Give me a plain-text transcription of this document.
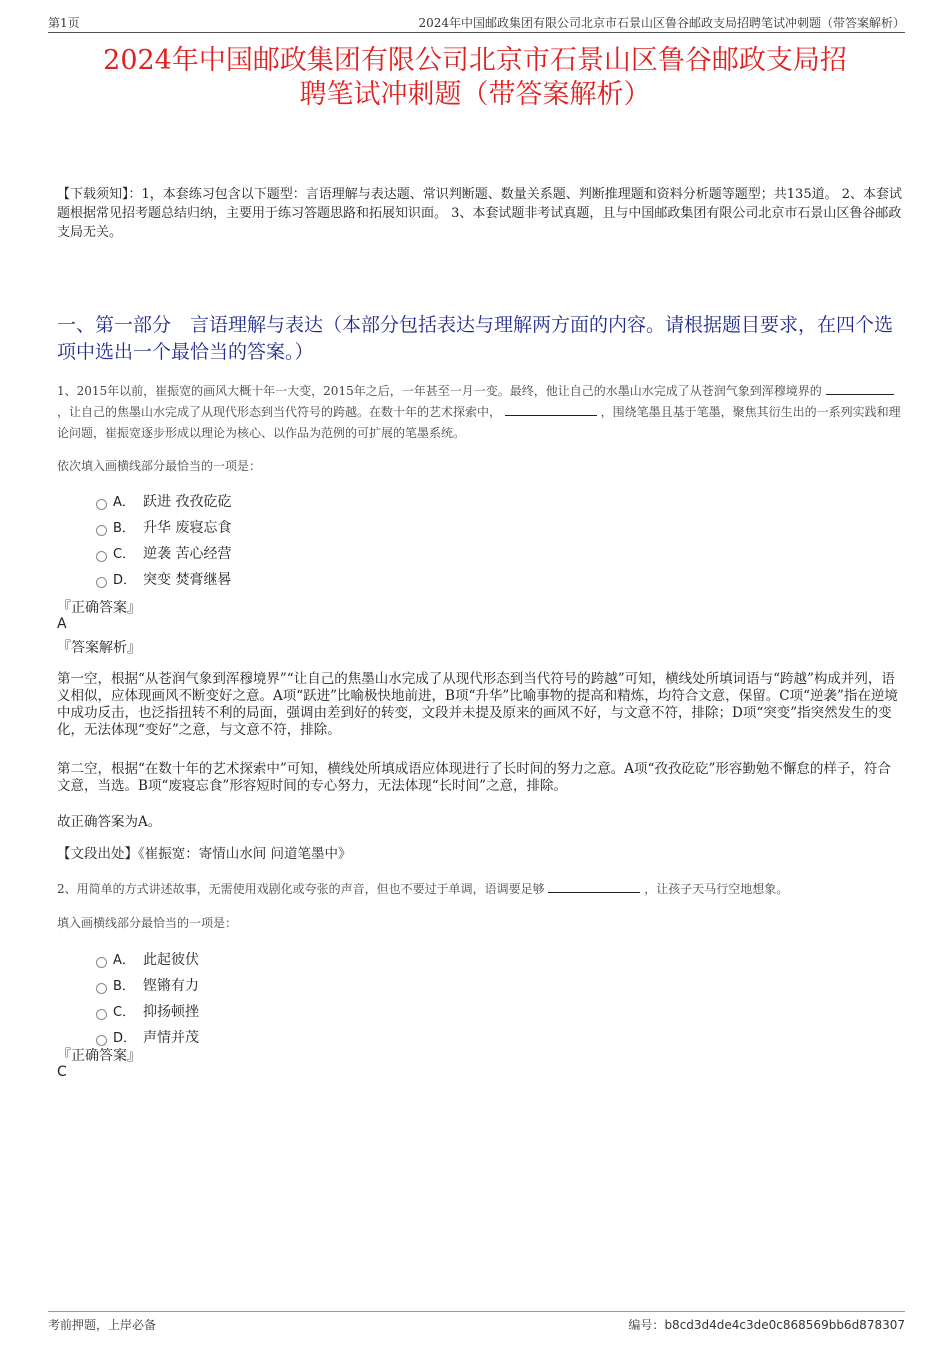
第1页	2024年中国邮政集团有限公司北京市石景山区鲁谷邮政支局招聘笔试冲刺题（带答案解析）
2024年中国邮政集团有限公司北京市石景山区鲁谷邮政支局招
聘笔试冲刺题（带答案解析）
【下载须知】：1，本套练习包含以下题型：言语理解与表达题、常识判断题、数量关系题、判断推理题和资料分析题等题型；共135道。 2、本套试题根据常见招考题总结归纳，主要用于练习答题思路和拓展知识面。 3、本套试题非考试真题，且与中国邮政集团有限公司北京市石景山区鲁谷邮政支局无关。
一、第一部分　言语理解与表达（本部分包括表达与理解两方面的内容。请根据题目要求，在四个选项中选出一个最恰当的答案。）
1、2015年以前，崔振宽的画风大概十年一大变，2015年之后，一年甚至一月一变。最终，他让自己的水墨山水完成了从苍润气象到浑穆境界的  ，让自己的焦墨山水完成了从现代形态到当代符号的跨越。在数十年的艺术探索中，	，围绕笔墨且基于笔墨，聚焦其衍生出的一系列实践和理论问题，崔振宽逐步形成以理论为核心、以作品为范例的可扩展的笔墨系统。
依次填入画横线部分最恰当的一项是：
A． 跃进 孜孜矻矻
B． 升华 废寝忘食
C． 逆袭 苦心经营
D． 突变 焚膏继晷
『正确答案』
A
『答案解析』
第一空，根据“从苍润气象到浑穆境界”“让自己的焦墨山水完成了从现代形态到当代符号的跨越”可知，横线处所填词语与“跨越”构成并列，语义相似，应体现画风不断变好之意。A项“跃进”比喻极快地前进，B项“升华”比喻事物的提高和精炼，均符合文意，保留。C项“逆袭”指在逆境中成功反击，也泛指扭转不利的局面，强调由差到好的转变，文段并未提及原来的画风不好，与文意不符，排除；D项“突变”指突然发生的变化，无法体现“变好”之意，与文意不符，排除。
第二空，根据“在数十年的艺术探索中”可知，横线处所填成语应体现进行了长时间的努力之意。A项“孜孜矻矻”形容勤勉不懈怠的样子，符合文意，当选。B项“废寝忘食”形容短时间的专心努力，无法体现“长时间”之意，排除。
故正确答案为A。
【文段出处】《崔振宽：寄情山水间 问道笔墨中》
2、用简单的方式讲述故事，无需使用戏剧化或夸张的声音，但也不要过于单调，语调要足够	，让孩子天马行空地想象。
填入画横线部分最恰当的一项是：
A． 此起彼伏
B． 铿锵有力
C． 抑扬顿挫
D． 声情并茂
『正确答案』
C
考前押题，上岸必备	编号：b8cd3d4de4c3de0c868569bb6d878307
